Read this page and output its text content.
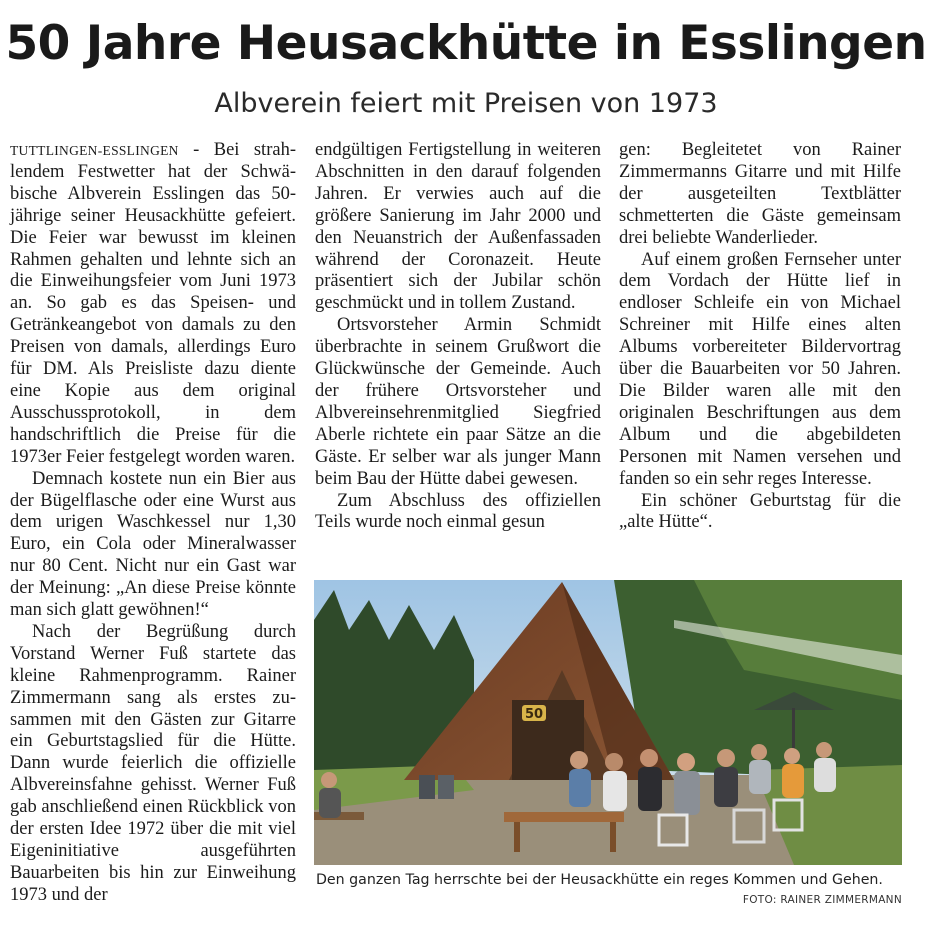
50 Jahre Heusackhütte in Esslingen
Albverein feiert mit Preisen von 1973

TUTTLINGEN-ESSLINGEN - Bei strahlendem Festwetter hat der Schwäbische Albverein Esslingen das 50-jährige seiner Heusackhütte gefeiert. Die Feier war bewusst im kleinen Rahmen gehalten und lehnte sich an die Einweihungsfeier vom Juni 1973 an. So gab es das Speisen- und Getränkeangebot von damals zu den Preisen von damals, allerdings Euro für DM. Als Preisliste dazu diente eine Kopie aus dem original Ausschussprotokoll, in dem handschriftlich die Preise für die 1973er Feier festgelegt worden waren.

Demnach kostete nun ein Bier aus der Bügelflasche oder eine Wurst aus dem urigen Waschkessel nur 1,30 Euro, ein Cola oder Mineralwasser nur 80 Cent. Nicht nur ein Gast war der Meinung: „An diese Preise könnte man sich glatt gewöhnen!“

Nach der Begrüßung durch Vorstand Werner Fuß startete das kleine Rahmenprogramm. Rainer Zimmermann sang als erstes zusammen mit den Gästen zur Gitarre ein Geburtstagslied für die Hütte. Dann wurde feierlich die offizielle Albvereinsfahne gehisst. Werner Fuß gab anschließend einen Rückblick von der ersten Idee 1972 über die mit viel Eigeninitiative ausgeführten Bauarbeiten bis hin zur Einweihung 1973 und der

endgültigen Fertigstellung in weiteren Abschnitten in den darauf folgenden Jahren. Er verwies auch auf die größere Sanierung im Jahr 2000 und den Neuanstrich der Außenfassaden während der Coronazeit. Heute präsentiert sich der Jubilar schön geschmückt und in tollem Zustand.

Ortsvorsteher Armin Schmidt überbrachte in seinem Grußwort die Glückwünsche der Gemeinde. Auch der frühere Ortsvorsteher und Albvereinsehrenmitglied Siegfried Aberle richtete ein paar Sätze an die Gäste. Er selber war als junger Mann beim Bau der Hütte dabei gewesen.

Zum Abschluss des offiziellen Teils wurde noch einmal gesun

gen: Begleitetet von Rainer Zimmermanns Gitarre und mit Hilfe der ausgeteilten Textblätter schmetterten die Gäste gemeinsam drei beliebte Wanderlieder.

Auf einem großen Fernseher unter dem Vordach der Hütte lief in endloser Schleife ein von Michael Schreiner mit Hilfe eines alten Albums vorbereiteter Bildervortrag über die Bauarbeiten vor 50 Jahren. Die Bilder waren alle mit den originalen Beschriftungen aus dem Album und die abgebildeten Personen mit Namen versehen und fanden so ein sehr reges Interesse.

Ein schöner Geburtstag für die „alte Hütte“.

50
Den ganzen Tag herrschte bei der Heusackhütte ein reges Kommen und Gehen.
FOTO: RAINER ZIMMERMANN
